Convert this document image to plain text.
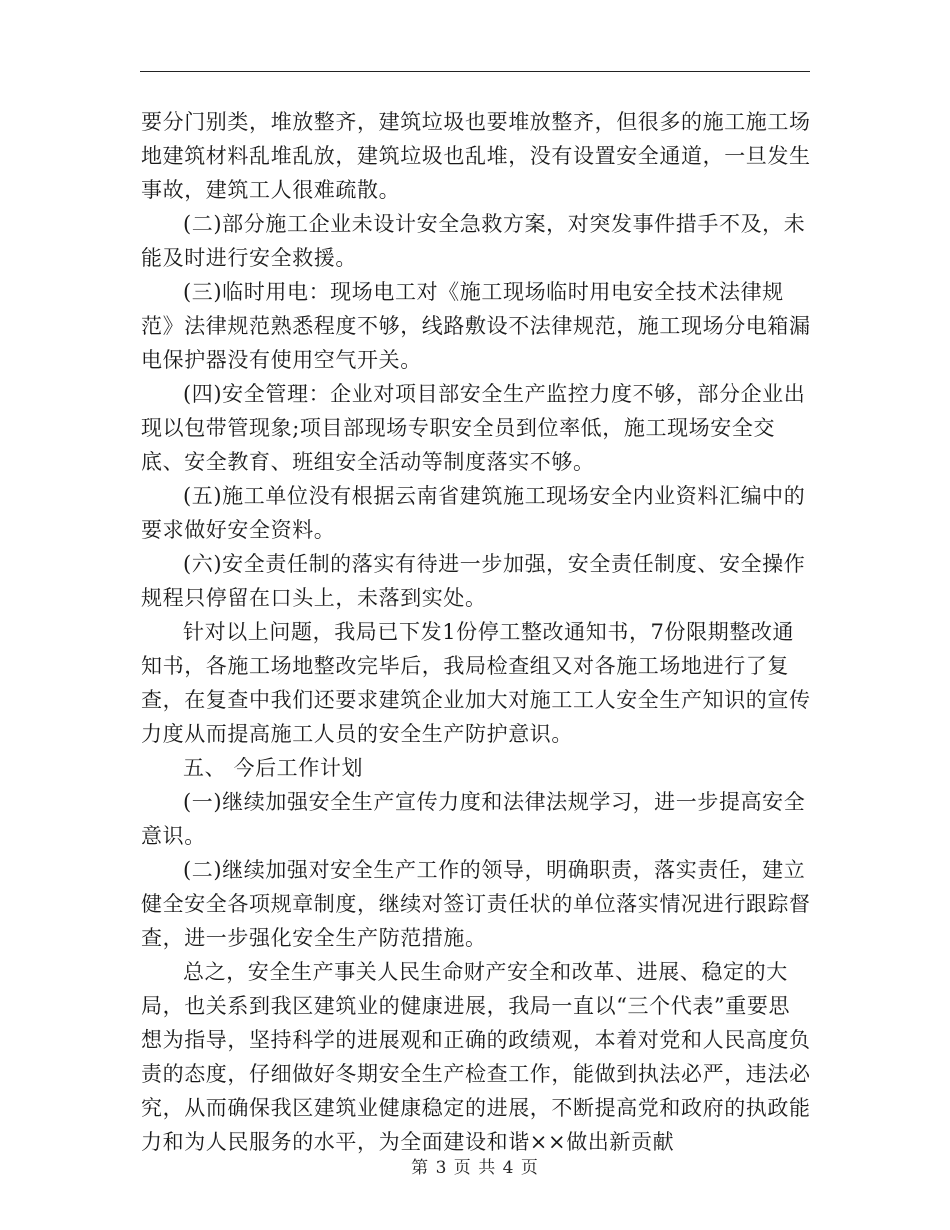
要分门别类，堆放整齐，建筑垃圾也要堆放整齐，但很多的施工施工场地建筑材料乱堆乱放，建筑垃圾也乱堆，没有设置安全通道，一旦发生事故，建筑工人很难疏散。

(二)部分施工企业未设计安全急救方案，对突发事件措手不及，未能及时进行安全救援。

(三)临时用电：现场电工对《施工现场临时用电安全技术法律规范》法律规范熟悉程度不够，线路敷设不法律规范，施工现场分电箱漏电保护器没有使用空气开关。

(四)安全管理：企业对项目部安全生产监控力度不够，部分企业出现以包带管现象;项目部现场专职安全员到位率低，施工现场安全交底、安全教育、班组安全活动等制度落实不够。

(五)施工单位没有根据云南省建筑施工现场安全内业资料汇编中的要求做好安全资料。

(六)安全责任制的落实有待进一步加强，安全责任制度、安全操作规程只停留在口头上，未落到实处。

针对以上问题，我局已下发1份停工整改通知书，7份限期整改通知书，各施工场地整改完毕后，我局检查组又对各施工场地进行了复查，在复查中我们还要求建筑企业加大对施工工人安全生产知识的宣传力度从而提高施工人员的安全生产防护意识。

五、 今后工作计划

(一)继续加强安全生产宣传力度和法律法规学习，进一步提高安全意识。

(二)继续加强对安全生产工作的领导，明确职责，落实责任，建立健全安全各项规章制度，继续对签订责任状的单位落实情况进行跟踪督查，进一步强化安全生产防范措施。

总之，安全生产事关人民生命财产安全和改革、进展、稳定的大局，也关系到我区建筑业的健康进展，我局一直以“三个代表”重要思想为指导，坚持科学的进展观和正确的政绩观，本着对党和人民高度负责的态度，仔细做好冬期安全生产检查工作，能做到执法必严，违法必究，从而确保我区建筑业健康稳定的进展，不断提高党和政府的执政能力和为人民服务的水平，为全面建设和谐××做出新贡献

第 3 页 共 4 页
